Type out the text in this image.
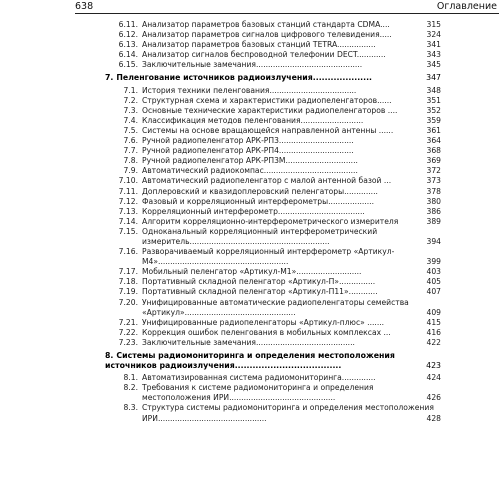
638	Оглавление
6.11. Анализатор параметров базовых станций стандарта CDMA....	315
6.12. Анализатор параметров сигналов цифрового телевидения.....	324
6.13. Анализатор параметров базовых станций TETRA................	341
6.14. Анализатор сигналов беспроводной телефонии DECT............	343
6.15. Заключительные замечания............................................	345
7. Пеленгование источников радиоизлучения....................	347
7.1. История техники пеленгования....................................	348
7.2. Структурная схема и характеристики радиопеленгаторов......	351
7.3. Основные технические характеристики радиопеленгаторов ....	352
7.4. Классификация методов пеленгования..........................	359
7.5. Системы на основе вращающейся направленной антенны ......	361
7.6. Ручной радиопеленгатор АРК-РП3...............................	364
7.7. Ручной радиопеленгатор АРК-РП4...............................	368
7.8. Ручной радиопеленгатор АРК-РП3М..............................	369
7.9. Автоматический радиокомпас.......................................	372
7.10. Автоматический радиопеленгатор с малой антенной базой ...	373
7.11. Доплеровский и квазидоплеровский пеленгаторы..............	378
7.12. Фазовый и корреляционный интерферометры...................	380
7.13. Корреляционный интерферометр....................................	386
7.14. Алгоритм корреляционно-интерферометрического измерителя	389
7.15. Одноканальный корреляционный интерферометрический измеритель..........................................................	394
7.16. Разворачиваемый корреляционный интерферометр «Артикул-М4»......................................................	399
7.17. Мобильный пеленгатор «Артикул-М1»...........................	403
7.18. Портативный складной пеленгатор «Артикул-П»...............	405
7.19. Портативный складной пеленгатор «Артикул-П11»............	407
7.20. Унифицированные автоматические радиопеленгаторы семейства «Артикул»..............................................	409
7.21. Унифицированные радиопеленгаторы «Артикул-плюс» .......	415
7.22. Коррекция ошибок пеленгования в мобильных комплексах ...	416
7.23. Заключительные замечания.........................................	422
8. Системы радиомониторинга и определения местоположения источников радиоизлучения....................................	423
8.1. Автоматизированная система радиомониторинга..............	424
8.2. Требования к системе радиомониторинга и определения местоположения ИРИ............................................	426
8.3. Структура системы радиомониторинга и определения местоположения ИРИ.............................................	428
